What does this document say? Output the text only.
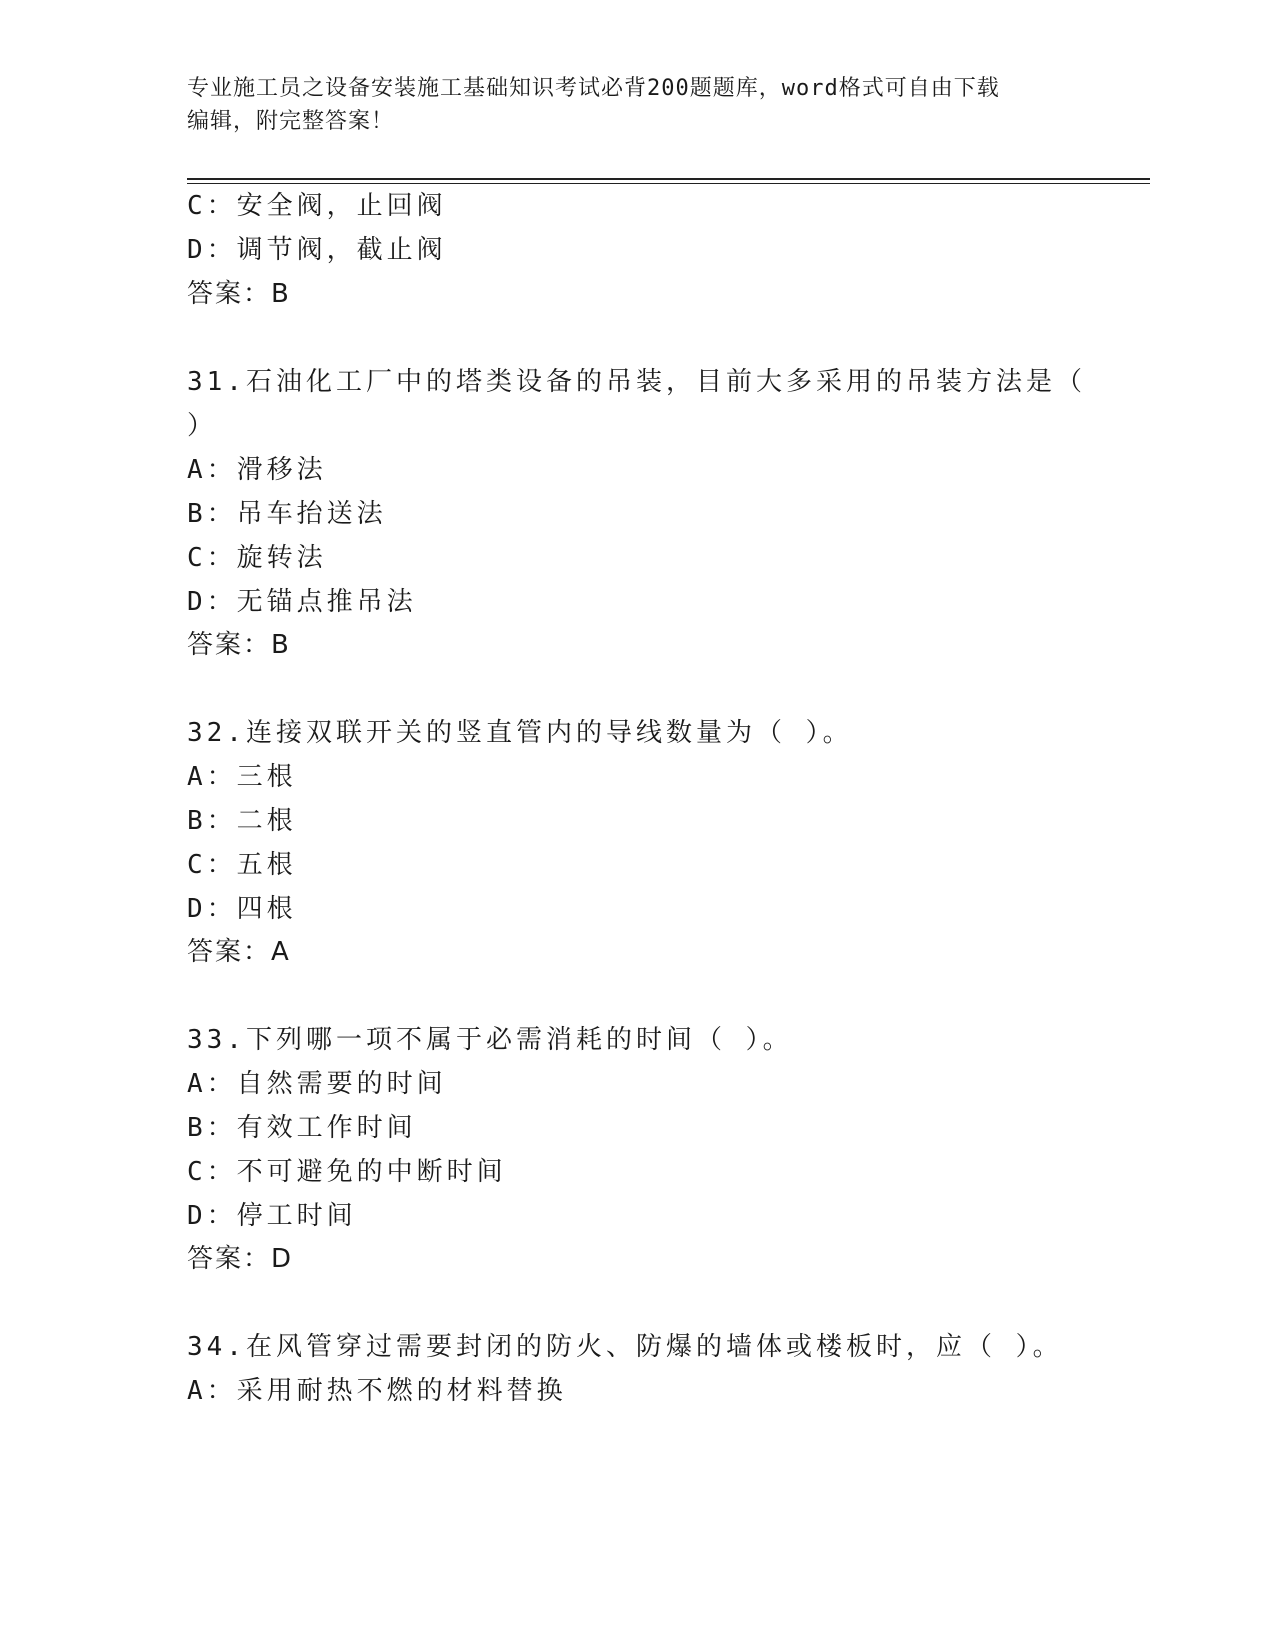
专业施工员之设备安装施工基础知识考试必背200题题库，word格式可自由下载
编辑，附完整答案！
C：安全阀，止回阀
D：调节阀，截止阀
答案：B
31.石油化工厂中的塔类设备的吊装，目前大多采用的吊装方法是（
）
A：滑移法
B：吊车抬送法
C：旋转法
D：无锚点推吊法
答案：B
32.连接双联开关的竖直管内的导线数量为（ ）。
A：三根
B：二根
C：五根
D：四根
答案：A
33.下列哪一项不属于必需消耗的时间（ ）。
A：自然需要的时间
B：有效工作时间
C：不可避免的中断时间
D：停工时间
答案：D
34.在风管穿过需要封闭的防火、防爆的墙体或楼板时，应（ ）。
A：采用耐热不燃的材料替换
